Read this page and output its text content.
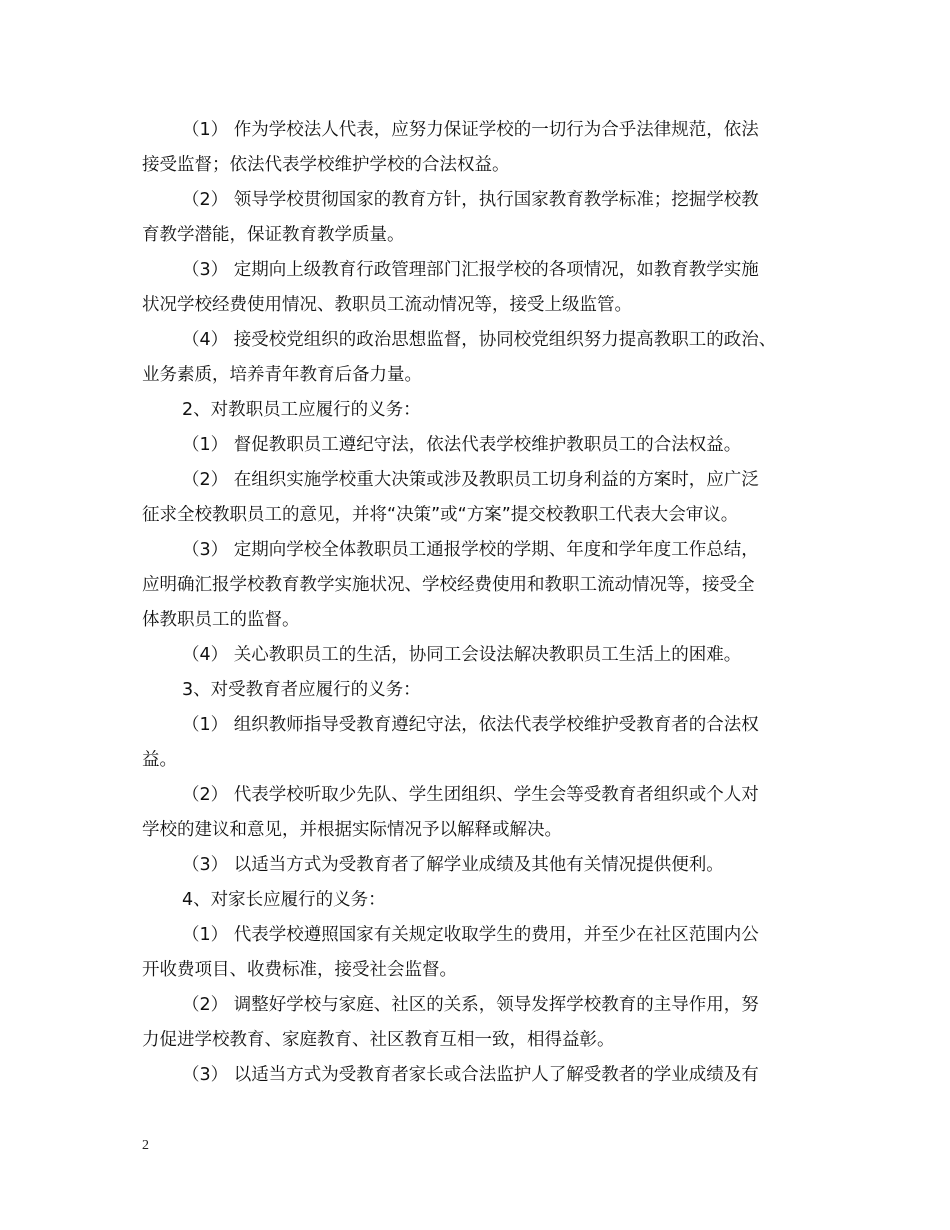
（1） 作为学校法人代表，应努力保证学校的一切行为合乎法律规范，依法
接受监督；依法代表学校维护学校的合法权益。
（2） 领导学校贯彻国家的教育方针，执行国家教育教学标准；挖掘学校教
育教学潜能，保证教育教学质量。
（3） 定期向上级教育行政管理部门汇报学校的各项情况，如教育教学实施
状况学校经费使用情况、教职员工流动情况等，接受上级监管。
（4） 接受校党组织的政治思想监督，协同校党组织努力提高教职工的政治、
业务素质，培养青年教育后备力量。
2、对教职员工应履行的义务：
（1） 督促教职员工遵纪守法，依法代表学校维护教职员工的合法权益。
（2） 在组织实施学校重大决策或涉及教职员工切身利益的方案时，应广泛
征求全校教职员工的意见，并将“决策”或“方案”提交校教职工代表大会审议。
（3） 定期向学校全体教职员工通报学校的学期、年度和学年度工作总结，
应明确汇报学校教育教学实施状况、学校经费使用和教职工流动情况等，接受全
体教职员工的监督。
（4） 关心教职员工的生活，协同工会设法解决教职员工生活上的困难。
3、对受教育者应履行的义务：
（1） 组织教师指导受教育遵纪守法，依法代表学校维护受教育者的合法权
益。
（2） 代表学校听取少先队、学生团组织、学生会等受教育者组织或个人对
学校的建议和意见，并根据实际情况予以解释或解决。
（3） 以适当方式为受教育者了解学业成绩及其他有关情况提供便利。
4、对家长应履行的义务：
（1） 代表学校遵照国家有关规定收取学生的费用，并至少在社区范围内公
开收费项目、收费标准，接受社会监督。
（2） 调整好学校与家庭、社区的关系，领导发挥学校教育的主导作用，努
力促进学校教育、家庭教育、社区教育互相一致，相得益彰。
（3） 以适当方式为受教育者家长或合法监护人了解受教者的学业成绩及有
2
